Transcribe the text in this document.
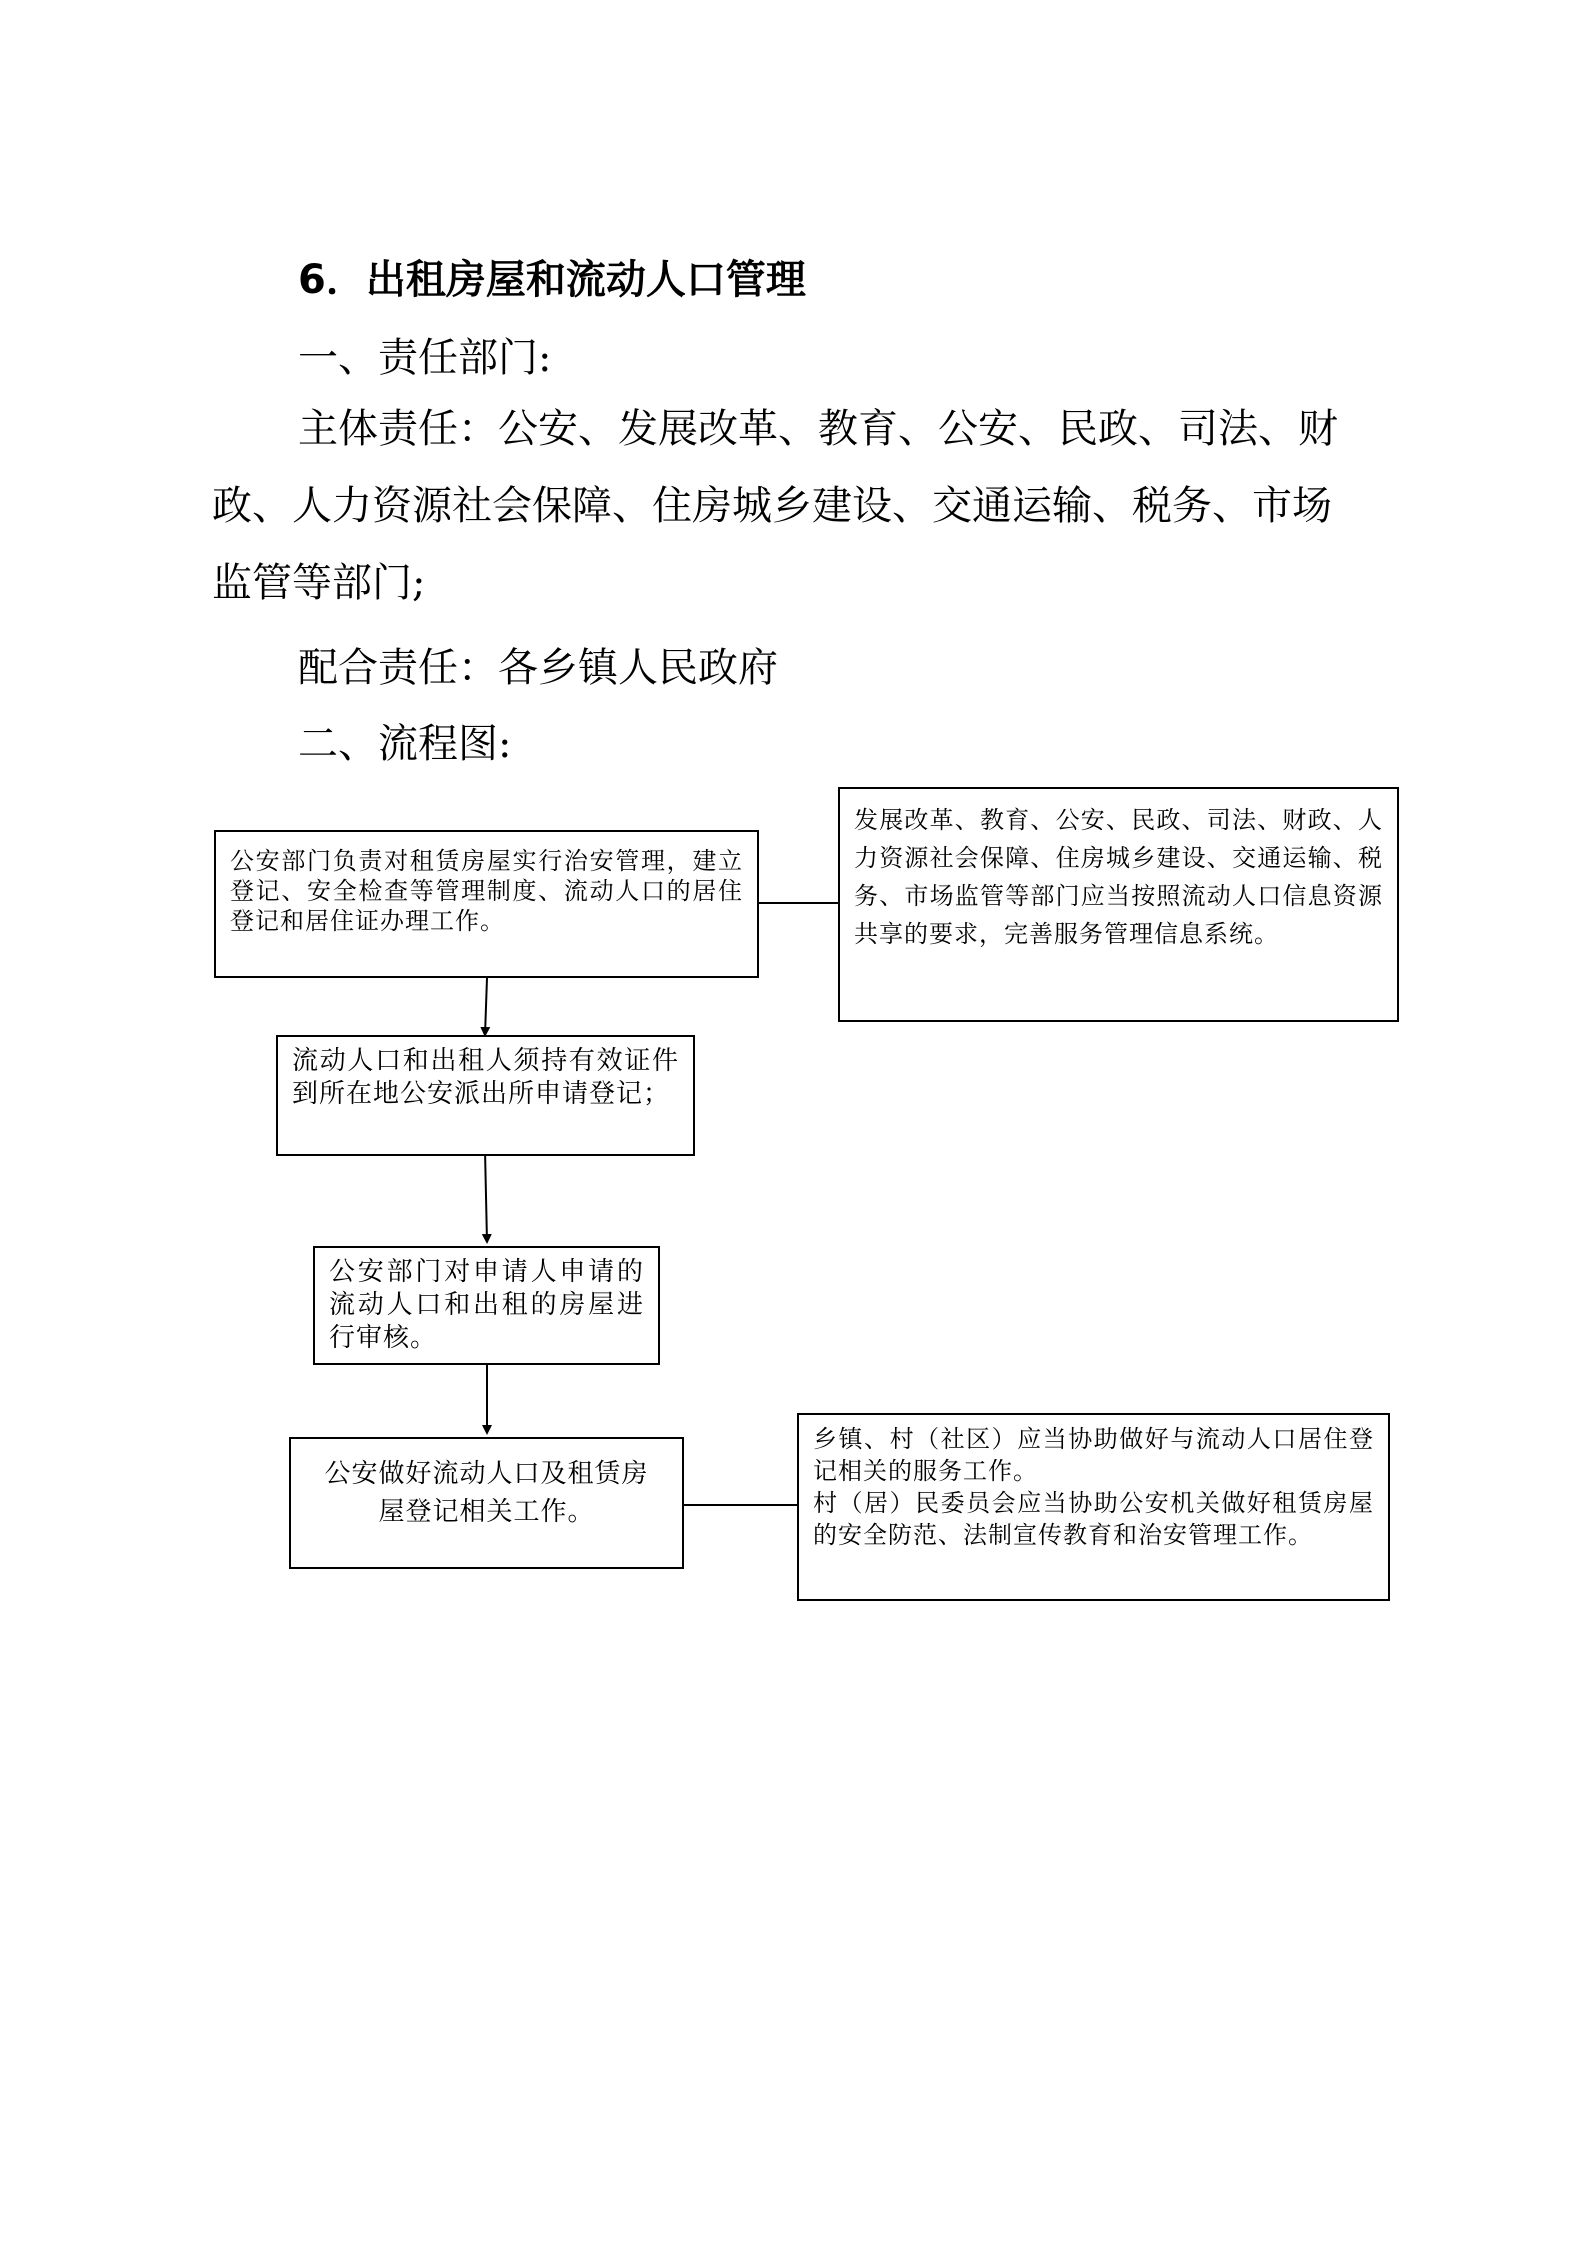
6．出租房屋和流动人口管理
一、责任部门:
主体责任：公安、发展改革、教育、公安、民政、司法、财政、人力资源社会保障、住房城乡建设、交通运输、税务、市场监管等部门;
配合责任：各乡镇人民政府
二、流程图:
公安部门负责对租赁房屋实行治安管理，建立登记、安全检查等管理制度、流动人口的居住登记和居住证办理工作。
发展改革、教育、公安、民政、司法、财政、人力资源社会保障、住房城乡建设、交通运输、税务、市场监管等部门应当按照流动人口信息资源共享的要求，完善服务管理信息系统。
流动人口和出租人须持有效证件到所在地公安派出所申请登记；
公安部门对申请人申请的流动人口和出租的房屋进行审核。
公安做好流动人口及租赁房屋登记相关工作。
乡镇、村（社区）应当协助做好与流动人口居住登记相关的服务工作。
村（居）民委员会应当协助公安机关做好租赁房屋的安全防范、法制宣传教育和治安管理工作。
